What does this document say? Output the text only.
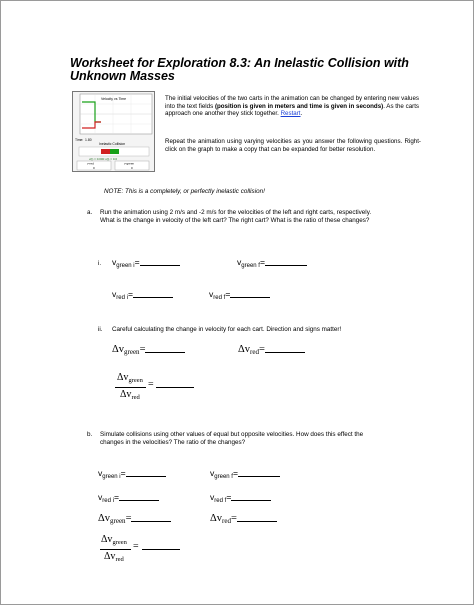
Worksheet for Exploration 8.3: An Inelastic Collision with
Unknown Masses
Velocity vs Time
Time: 1.80
Inelastic Collision
v(t) = 0.000 x(t) = 0.0
v-red	v-green
0	0
The initial velocities of the two carts in the animation can be changed by entering new values into the text fields (position is given in meters and time is given in seconds). As the carts approach one another they stick together. Restart.
Repeat the animation using varying velocities as you answer the following questions. Right-click on the graph to make a copy that can be expanded for better resolution.
NOTE: This is a completely, or perfectly inelastic collision!
a. Run the animation using 2 m/s and -2 m/s for the velocities of the left and right carts, respectively.
What is the change in velocity of the left cart? The right cart? What is the ratio of these changes?
i. $v_{green i}=$	$v_{green f}=$
$v_{red i}=$	$v_{red f}=$
ii. Careful calculating the change in velocity for each cart. Direction and signs matter!
$\Delta v_{green}=$	$\Delta v_{red}=$
$\Delta v_{green}$
$\Delta v_{red}$
=
b. Simulate collisions using other values of equal but opposite velocities. How does this effect the
changes in the velocities? The ratio of the changes?
$v_{green i}=$	$v_{green f}=$
$v_{red i}=$	$v_{red f}=$
$\Delta v_{green}=$	$\Delta v_{red}=$
$\Delta v_{green}$
$\Delta v_{red}$
=
